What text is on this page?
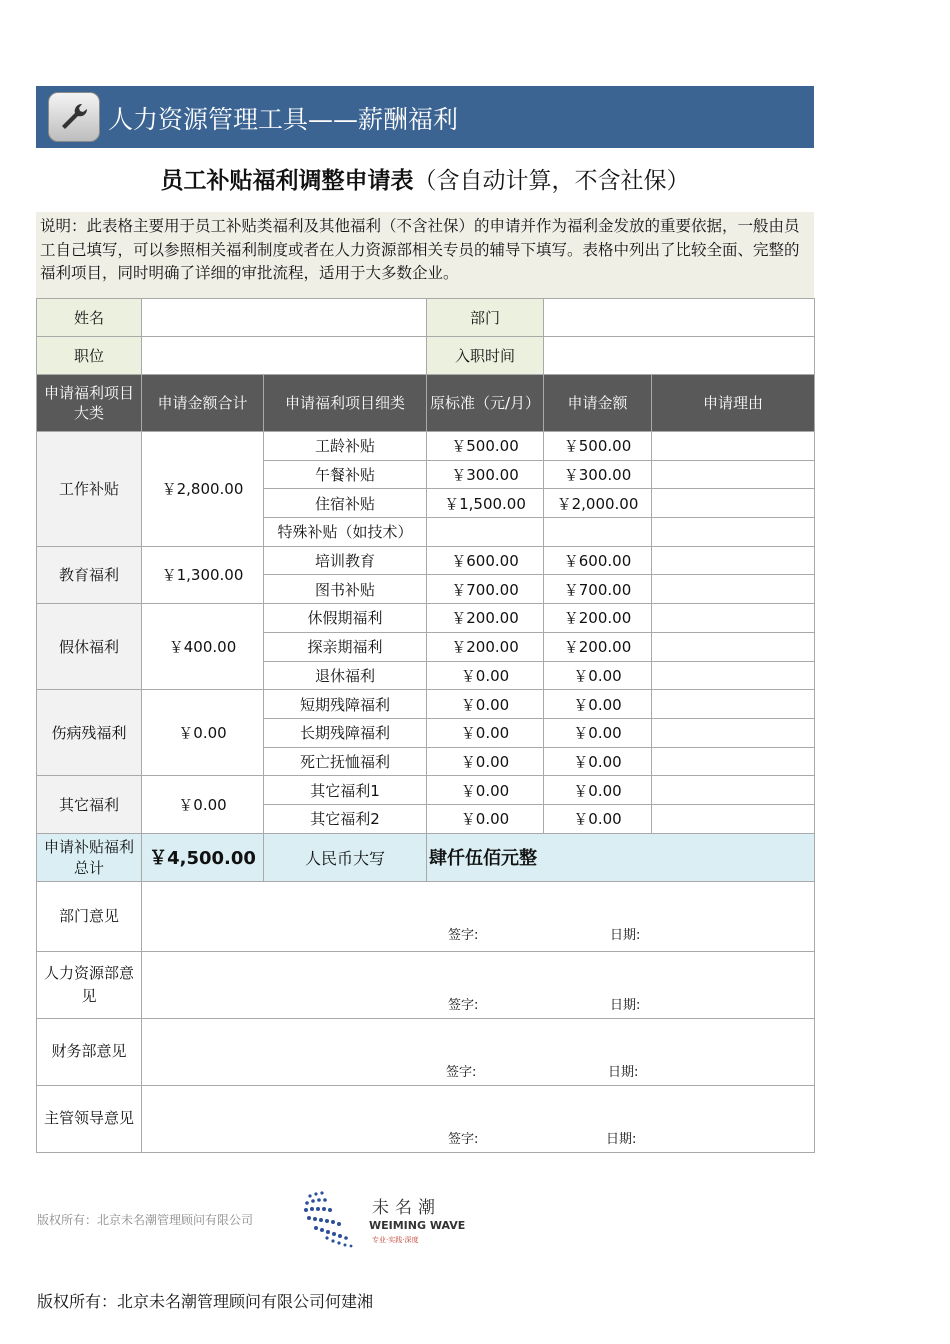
人力资源管理工具——薪酬福利
员工补贴福利调整申请表（含自动计算，不含社保）
说明：此表格主要用于员工补贴类福利及其他福利（不含社保）的申请并作为福利金发放的重要依据，一般由员工自己填写，可以参照相关福利制度或者在人力资源部相关专员的辅导下填写。表格中列出了比较全面、完整的福利项目，同时明确了详细的审批流程，适用于大多数企业。
姓名			部门		
职位			入职时间		
申请福利项目大类	申请金额合计	申请福利项目细类	原标准（元/月）	申请金额	申请理由
工作补贴	￥2,800.00	工龄补贴	￥500.00	￥500.00	
		午餐补贴	￥300.00	￥300.00	
		住宿补贴	￥1,500.00	￥2,000.00	
		特殊补贴（如技术）			
教育福利	￥1,300.00	培训教育	￥600.00	￥600.00	
		图书补贴	￥700.00	￥700.00	
假休福利	￥400.00	休假期福利	￥200.00	￥200.00	
		探亲期福利	￥200.00	￥200.00	
		退休福利	￥0.00	￥0.00	
伤病残福利	￥0.00	短期残障福利	￥0.00	￥0.00	
		长期残障福利	￥0.00	￥0.00	
		死亡抚恤福利	￥0.00	￥0.00	
其它福利	￥0.00	其它福利1	￥0.00	￥0.00	
		其它福利2	￥0.00	￥0.00	
申请补贴福利总计	￥4,500.00	人民币大写	肆仟伍佰元整		
部门意见	签字: 日期:				

人力资源部意见	签字: 日期:				

财务部意见	签字: 日期:				

主管领导意见	签字: 日期:				
版权所有：北京未名潮管理顾问有限公司
未名潮
WEIMING WAVE
专业·实践·深度
版权所有：北京未名潮管理顾问有限公司何建湘
